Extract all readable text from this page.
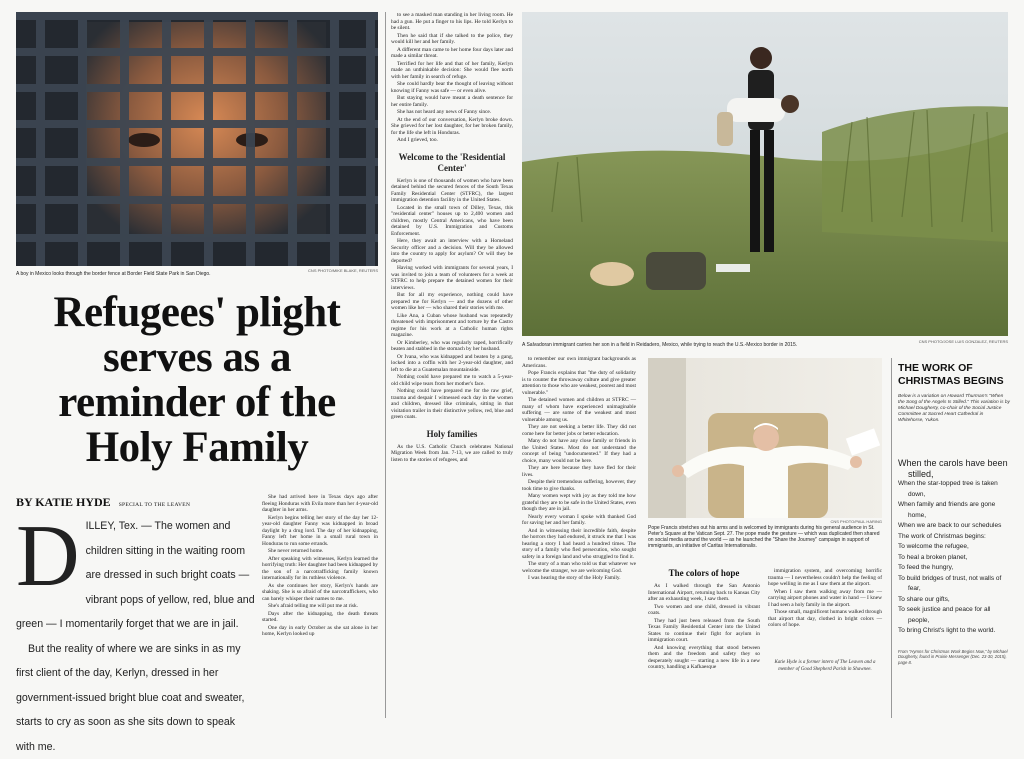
CNS PHOTO/MIKE BLAKE, REUTERS
A boy in Mexico looks through the border fence at Border Field State Park in San Diego.
Refugees' plight
serves as a
reminder of the
Holy Family
BY KATIE HYDE SPECIAL TO THE LEAVEN
D ILLEY, Tex. — The women and children sitting in the waiting room are dressed in such bright coats — vibrant pops of yellow, red, blue and green — I momentarily forget that we are in jail.
But the reality of where we are sinks in as my first client of the day, Kerlyn, dressed in her government-issued bright blue coat and sweater, starts to cry as soon as she sits down to speak with me.

She had arrived here in Texas days ago after fleeing Honduras with Evila more than her 4-year-old daughter in her arms.

Kerlyn begins telling her story of the day her 12-year-old daughter Fanny was kidnapped in broad daylight by a drug lord. The day of her kidnapping, Fanny left her home in a small rural town in Honduras to run some errands.

She never returned home.

After speaking with witnesses, Kerlyn learned the horrifying truth: Her daughter had been kidnapped by the son of a narcotrafficking family known internationally for its ruthless violence.

As she continues her story, Kerlyn's hands are shaking. She is so afraid of the narcotraffickers, who can barely whisper their names to me.

She's afraid telling me will put me at risk.

Days after the kidnapping, the death threats started.

One day in early October as she sat alone in her home, Kerlyn looked up

to see a masked man standing in her living room. He had a gun. He put a finger to his lips. He told Kerlyn to be silent.

Then he said that if she talked to the police, they would kill her and her family.

A different man came to her home four days later and made a similar threat.

Terrified for her life and that of her family, Kerlyn made an unthinkable decision: She would flee north with her family in search of refuge.

She could hardly bear the thought of leaving without knowing if Fanny was safe — or even alive.

But staying would have meant a death sentence for her entire family.

She has not heard any news of Fanny since.

At the end of our conversation, Kerlyn broke down. She grieved for her lost daughter, for her broken family, for the life she left in Honduras.

And I grieved, too.

Welcome to the 'Residential Center'

Kerlyn is one of thousands of women who have been detained behind the secured fences of the South Texas Family Residential Center (STFRC), the largest immigration detention facility in the United States.

Located in the small town of Dilley, Texas, this "residential center" houses up to 2,400 women and children, mostly Central Americans, who have been detained by U.S. Immigration and Customs Enforcement.

Here, they await an interview with a Homeland Security officer and a decision. Will they be allowed into the country to apply for asylum? Or will they be deported?

Having worked with immigrants for several years, I was invited to join a team of volunteers for a week at STFRC to help prepare the detained women for their interviews.

But for all my experience, nothing could have prepared me for Kerlyn — and the dozens of other women like her — who shared their stories with me.

Like Ana, a Cuban whose husband was repeatedly threatened with imprisonment and torture by the Castro regime for his work at a Catholic human rights magazine.

Or Kimberley, who was regularly raped, horrifically beaten and stabbed in the stomach by her husband.

Or Ivana, who was kidnapped and beaten by a gang, locked into a coffin with her 2-year-old daughter, and left to die at a Guatemalan mountainside.

Nothing could have prepared me to watch a 5-year-old child wipe tears from her mother's face.

Nothing could have prepared me for the raw grief, trauma and despair I witnessed each day in the women and children, dressed like criminals, sitting in that visitation trailer in their distinctive yellow, red, blue and green coats.

Holy families

As the U.S. Catholic Church celebrates National Migration Week from Jan. 7-13, we are called to truly listen to the stories of refugees, and

CNS PHOTO/JOSE LUIS GONZALEZ, REUTERS
A Salvadoran immigrant carries her son in a field in Reidadero, Mexico, while trying to reach the U.S.-Mexico border in 2015.

to remember our own immigrant backgrounds as Americans.

Pope Francis explains that "the duty of solidarity is to counter the throwaway culture and give greater attention to those who are weakest, poorest and most vulnerable."

The detained women and children at STFRC — many of whom have experienced unimaginable suffering — are some of the weakest and most vulnerable among us.

They are not seeking a better life. They did not come here for better jobs or better education.

Many do not have any close family or friends in the United States. Most do not understand the concept of being "undocumented." If they had a choice, many would not be here.

They are here because they have fled for their lives.

Despite their tremendous suffering, however, they took time to give thanks.

Many women wept with joy as they told me how grateful they are to be safe in the United States, even though they are in jail.

Nearly every woman I spoke with thanked God for saving her and her family.

And in witnessing their incredible faith, despite the horrors they had endured, it struck me that I was hearing a story I had heard a hundred times. The story of a family who fled persecution, who sought safety in a foreign land and who struggled to find it.

The story of a man who told us that whatever we welcome the stranger, we are welcoming God.

I was hearing the story of the Holy Family.

CNS PHOTO/PAUL HARING
Pope Francis stretches out his arms and is welcomed by immigrants during his general audience in St. Peter's Square at the Vatican Sept. 27. The pope made the gesture — which was duplicated then shared on social media around the world — as he launched the "Share the Journey" campaign in support of immigrants, an initiative of Caritas Internationalis.
The colors of hope

As I walked through the San Antonio International Airport, returning back to Kansas City after an exhausting week, I saw them.

Two women and one child, dressed in vibrant coats.

They had just been released from the South Texas Family Residential Center into the United States to continue their fight for asylum in immigration court.

And knowing everything that stood between them and the freedom and safety they so desperately sought — starting a new life in a new country, handling a Kafkaesque

immigration system, and overcoming horrific trauma — I nevertheless couldn't help the feeling of hope welling in me as I saw them at the airport.

When I saw them walking away from me — carrying airport phones and water in hand — I knew I had seen a holy family in the airport.

Those small, magnificent humans walked through that airport that day, clothed in bright colors — colors of hope.

Katie Hyde is a former intern of The Leaven and a member of Good Shepherd Parish in Shawnee.
THE WORK OF CHRISTMAS BEGINS
Below is a variation on Howard Thurman's "When the Song of the Angels Is Stilled." This variation is by Michael Dougherty, co-chair of the Social Justice Committee at Sacred Heart Cathedral in Whitehorse, Yukon.
When the carols have been stilled,
When the star-topped tree is taken down,
When family and friends are gone home,
When we are back to our schedules
The work of Christmas begins:
To welcome the refugee,
To heal a broken planet,
To feed the hungry,
To build bridges of trust, not walls of fear,
To share our gifts,
To seek justice and peace for all people,
To bring Christ's light to the world.
From "Hymns for Christmas Work Begins Now," by Michael Dougherty, found in Prairie Messenger (Dec. 23-30, 2015), page 8.
